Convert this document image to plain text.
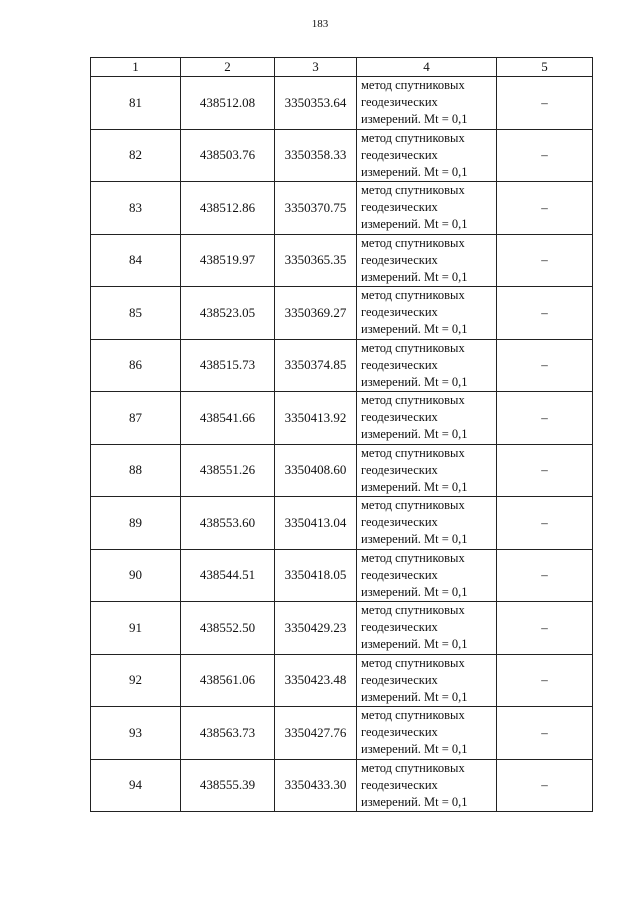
183
1	2	3	4	5
81	438512.08	3350353.64	метод спутниковых
геодезических
измерений. Mt = 0,1	–
82	438503.76	3350358.33	метод спутниковых
геодезических
измерений. Mt = 0,1	–
83	438512.86	3350370.75	метод спутниковых
геодезических
измерений. Mt = 0,1	–
84	438519.97	3350365.35	метод спутниковых
геодезических
измерений. Mt = 0,1	–
85	438523.05	3350369.27	метод спутниковых
геодезических
измерений. Mt = 0,1	–
86	438515.73	3350374.85	метод спутниковых
геодезических
измерений. Mt = 0,1	–
87	438541.66	3350413.92	метод спутниковых
геодезических
измерений. Mt = 0,1	–
88	438551.26	3350408.60	метод спутниковых
геодезических
измерений. Mt = 0,1	–
89	438553.60	3350413.04	метод спутниковых
геодезических
измерений. Mt = 0,1	–
90	438544.51	3350418.05	метод спутниковых
геодезических
измерений. Mt = 0,1	–
91	438552.50	3350429.23	метод спутниковых
геодезических
измерений. Mt = 0,1	–
92	438561.06	3350423.48	метод спутниковых
геодезических
измерений. Mt = 0,1	–
93	438563.73	3350427.76	метод спутниковых
геодезических
измерений. Mt = 0,1	–
94	438555.39	3350433.30	метод спутниковых
геодезических
измерений. Mt = 0,1	–
